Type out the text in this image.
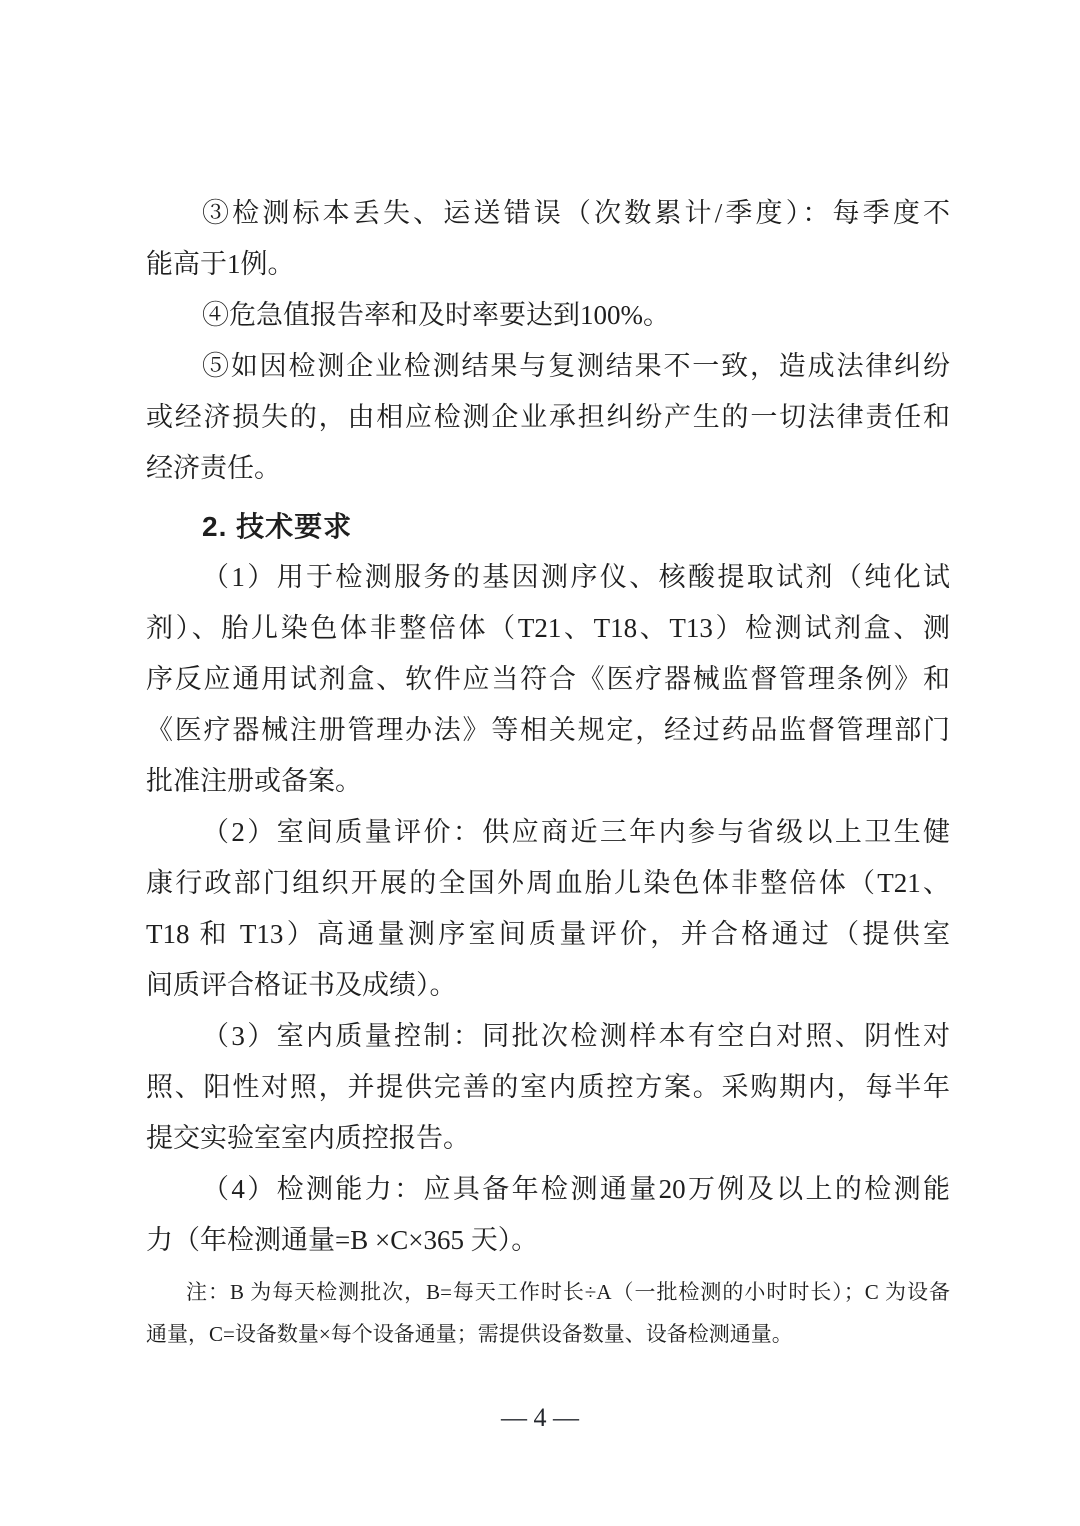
③检测标本丢失、运送错误（次数累计/季度）：每季度不
能高于1例。
④危急值报告率和及时率要达到100%。
⑤如因检测企业检测结果与复测结果不一致，造成法律纠纷
或经济损失的，由相应检测企业承担纠纷产生的一切法律责任和
经济责任。
2. 技术要求
（1）用于检测服务的基因测序仪、核酸提取试剂（纯化试
剂）、胎儿染色体非整倍体（T21、T18、T13）检测试剂盒、测
序反应通用试剂盒、软件应当符合《医疗器械监督管理条例》和
《医疗器械注册管理办法》等相关规定，经过药品监督管理部门
批准注册或备案。
（2）室间质量评价：供应商近三年内参与省级以上卫生健
康行政部门组织开展的全国外周血胎儿染色体非整倍体（T21、
T18 和 T13）高通量测序室间质量评价，并合格通过（提供室
间质评合格证书及成绩）。
（3）室内质量控制：同批次检测样本有空白对照、阴性对
照、阳性对照，并提供完善的室内质控方案。采购期内，每半年
提交实验室室内质控报告。
（4）检测能力：应具备年检测通量20万例及以上的检测能
力（年检测通量=B ×C×365 天）。
注：B 为每天检测批次，B=每天工作时长÷A（一批检测的小时时长）；C 为设备
通量，C=设备数量×每个设备通量；需提供设备数量、设备检测通量。
— 4 —
